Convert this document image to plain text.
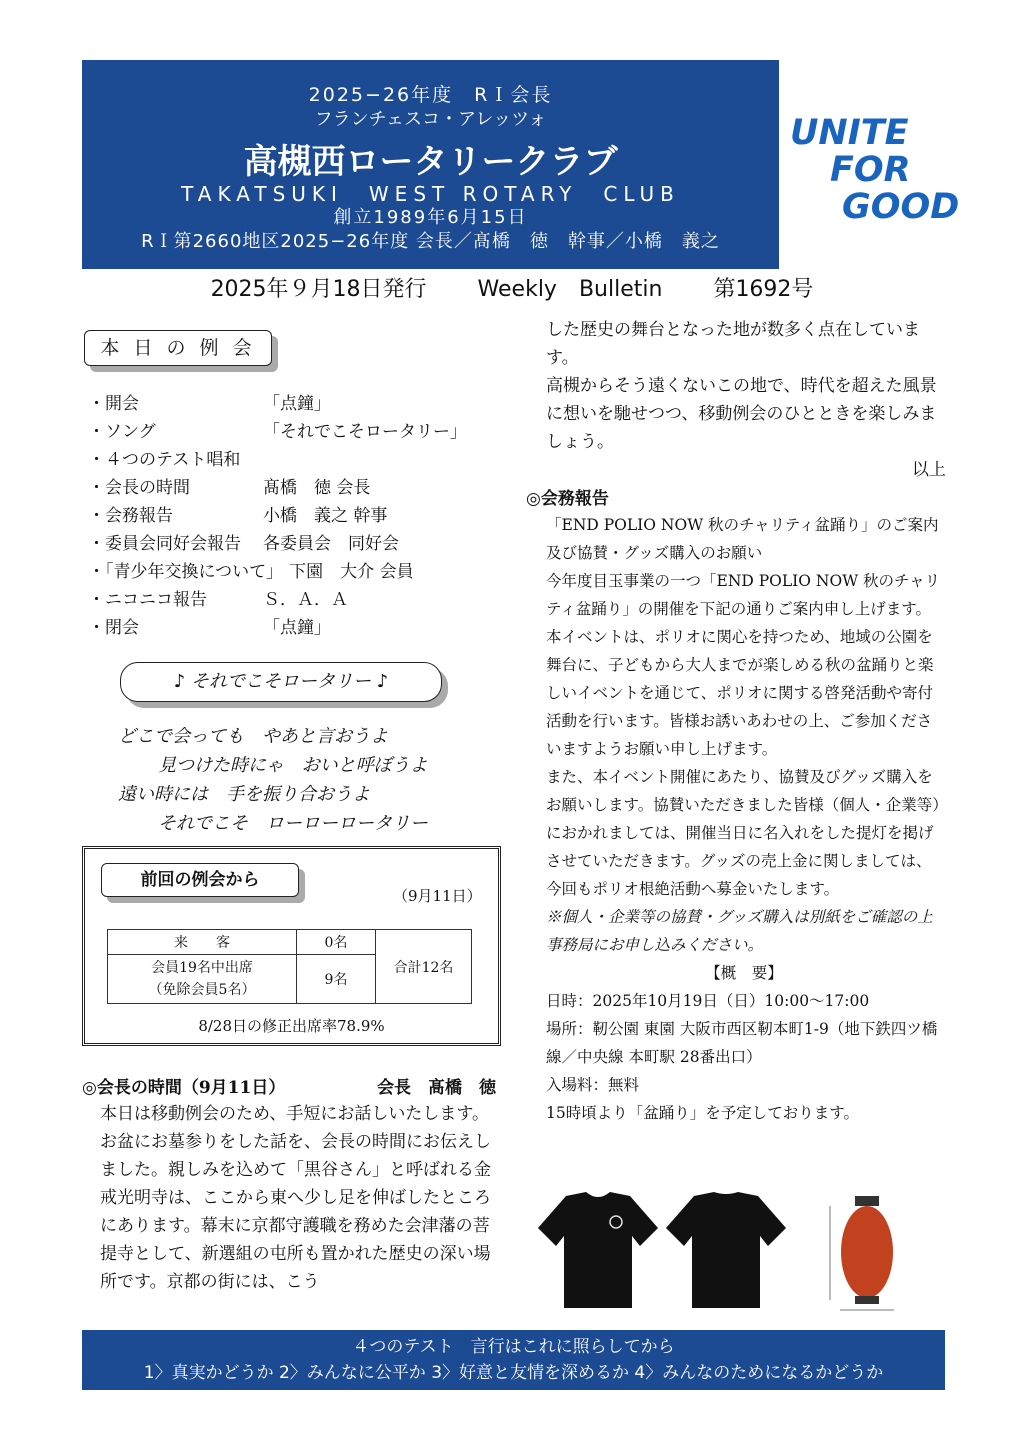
2025−26年度　RＩ会長
フランチェスコ・アレッツォ
高槻西ロータリークラブ
TAKATSUKI　WEST ROTARY　CLUB
創立1989年6月15日
RＩ第2660地区2025−26年度 会長／髙橋　徳　幹事／小橋　義之
UNITE
FOR
GOOD
2025年９月18日発行 Weekly　Bulletin 第1692号
本 日 の 例 会
・開会	「点鐘」
・ソング	「それでこそロータリー」
・４つのテスト唱和
・会長の時間	髙橋　徳 会長
・会務報告	小橋　義之 幹事
・委員会同好会報告	各委員会　同好会
・「青少年交換について」 下園　大介 会員
・ニコニコ報告	Ｓ．Ａ．Ａ
・閉会	「点鐘」
♪ それでこそロータリー ♪
どこで会っても　やあと言おうよ
見つけた時にゃ　おいと呼ぼうよ
遠い時には　手を振り合おうよ
それでこそ　ローローロータリー
前回の例会から
（9月11日）
来　　客	0名	合計12名

会員19名中出席
（免除会員5名）	9名	
8/28日の修正出席率78.9%
◎会長の時間（9月11日）	会長　髙橋　徳
本日は移動例会のため、手短にお話しいたします。
お盆にお墓参りをした話を、会長の時間にお伝えしました。親しみを込めて「黒谷さん」と呼ばれる金戒光明寺は、ここから東へ少し足を伸ばしたところにあります。幕末に京都守護職を務めた会津藩の菩提寺として、新選組の屯所も置かれた歴史の深い場所です。京都の街には、こう
した歴史の舞台となった地が数多く点在しています。
高槻からそう遠くないこの地で、時代を超えた風景に想いを馳せつつ、移動例会のひとときを楽しみましょう。
以上
◎会務報告
「END POLIO NOW 秋のチャリティ盆踊り」のご案内及び協賛・グッズ購入のお願い
今年度目玉事業の一つ「END POLIO NOW 秋のチャリティ盆踊り」の開催を下記の通りご案内申し上げます。
本イベントは、ポリオに関心を持つため、地域の公園を舞台に、子どもから大人までが楽しめる秋の盆踊りと楽しいイベントを通じて、ポリオに関する啓発活動や寄付活動を行います。皆様お誘いあわせの上、ご参加くださいますようお願い申し上げます。
また、本イベント開催にあたり、協賛及びグッズ購入をお願いします。協賛いただきました皆様（個人・企業等）におかれましては、開催当日に名入れをした提灯を掲げさせていただきます。グッズの売上金に関しましては、今回もポリオ根絶活動へ募金いたします。
※個人・企業等の協賛・グッズ購入は別紙をご確認の上事務局にお申し込みください。
【概　要】
日時：2025年10月19日（日）10:00〜17:00
場所：靭公園 東園 大阪市西区靭本町1-9（地下鉄四ツ橋線／中央線 本町駅 28番出口）
入場料：無料
15時頃より「盆踊り」を予定しております。
４つのテスト　言行はこれに照らしてから
1〉真実かどうか 2〉みんなに公平か 3〉好意と友情を深めるか 4〉みんなのためになるかどうか
